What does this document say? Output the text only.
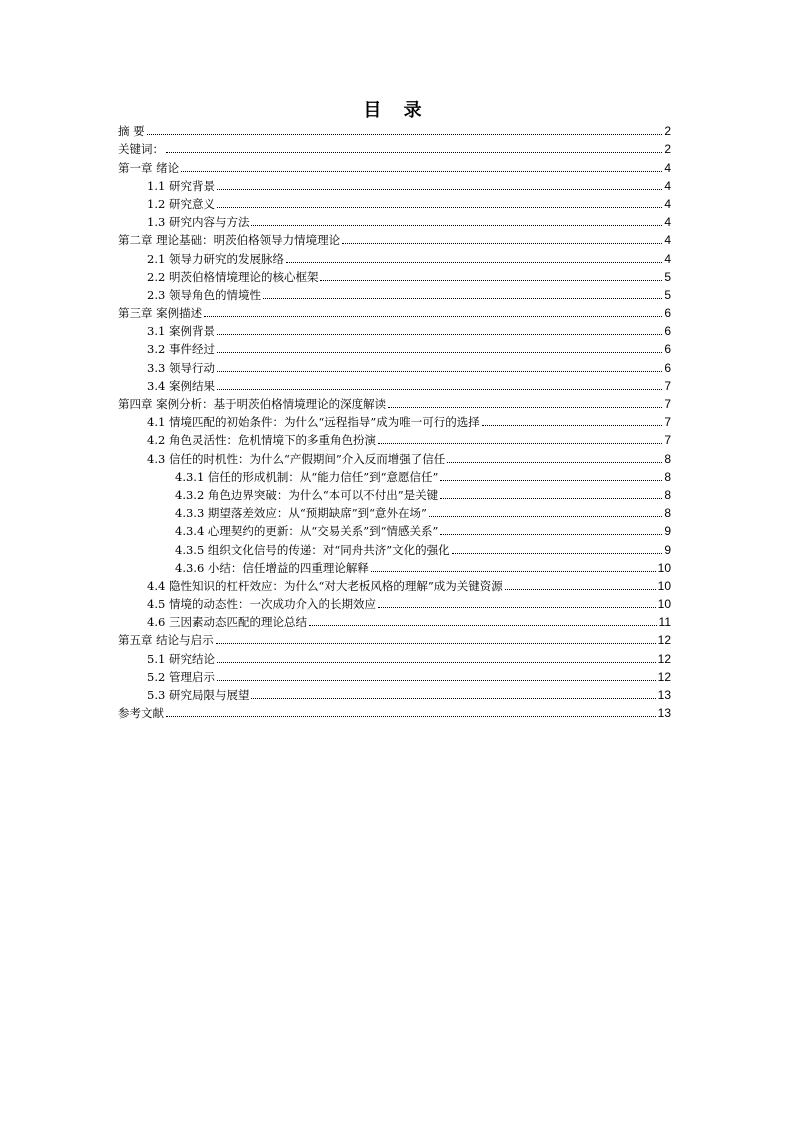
目 录
摘 要	2
关键词：	2
第一章 绪论	4
1.1 研究背景	4
1.2 研究意义	4
1.3 研究内容与方法	4
第二章 理论基础：明茨伯格领导力情境理论	4
2.1 领导力研究的发展脉络	4
2.2 明茨伯格情境理论的核心框架	5
2.3 领导角色的情境性	5
第三章 案例描述	6
3.1 案例背景	6
3.2 事件经过	6
3.3 领导行动	6
3.4 案例结果	7
第四章 案例分析：基于明茨伯格情境理论的深度解读	7
4.1 情境匹配的初始条件：为什么“远程指导”成为唯一可行的选择	7
4.2 角色灵活性：危机情境下的多重角色扮演	7
4.3 信任的时机性：为什么“产假期间”介入反而增强了信任	8
4.3.1 信任的形成机制：从“能力信任”到“意愿信任”	8
4.3.2 角色边界突破：为什么“本可以不付出”是关键	8
4.3.3 期望落差效应：从“预期缺席”到“意外在场”	8
4.3.4 心理契约的更新：从“交易关系”到“情感关系”	9
4.3.5 组织文化信号的传递：对“同舟共济”文化的强化	9
4.3.6 小结：信任增益的四重理论解释	10
4.4 隐性知识的杠杆效应：为什么“对大老板风格的理解”成为关键资源	10
4.5 情境的动态性：一次成功介入的长期效应	10
4.6 三因素动态匹配的理论总结	11
第五章 结论与启示	12
5.1 研究结论	12
5.2 管理启示	12
5.3 研究局限与展望	13
参考文献	13
